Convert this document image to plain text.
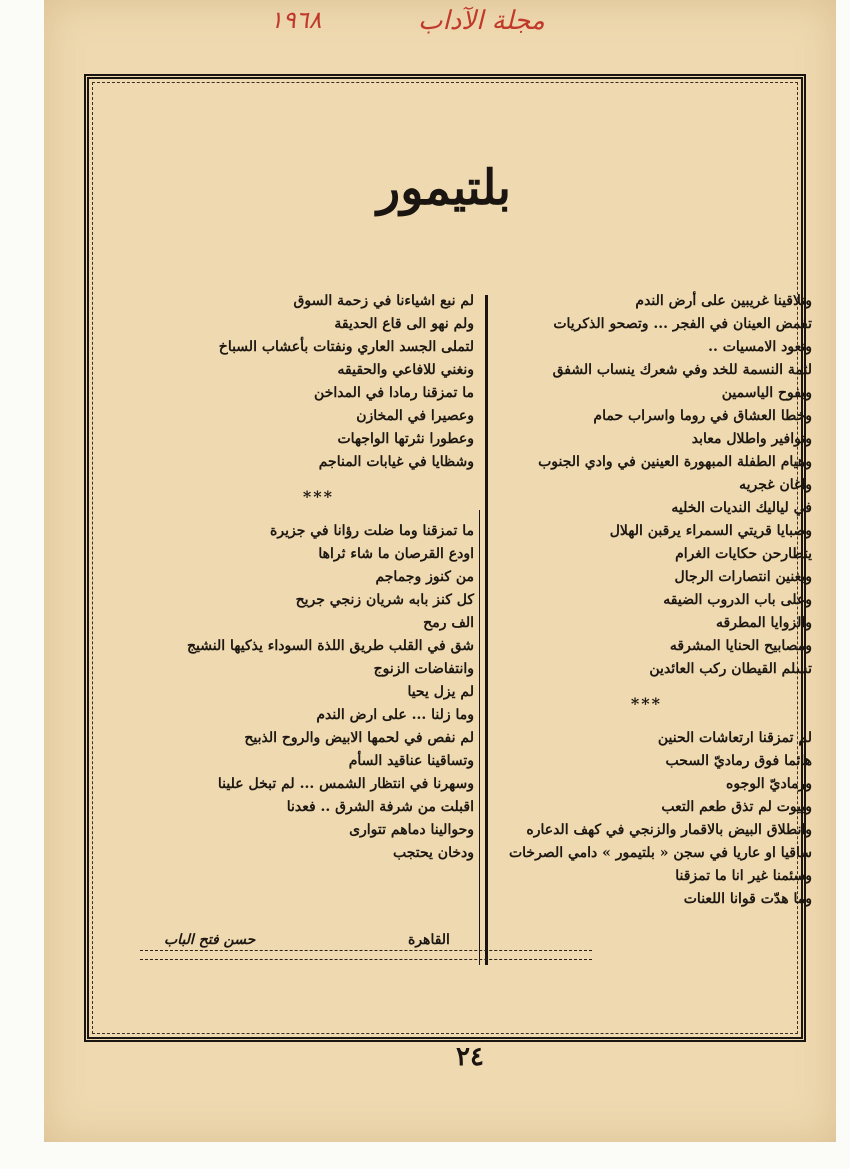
١٩٦٨	مجلة الآداب
بلتيمور
وتلاقينا غريبين على أرض الندم
تفمض العينان في الفجر ... وتصحو الذكريات
وتعود الامسيات ..
لثمة النسمة للخد وفي شعرك ينساب الشفق
ويفوح الياسمين
وخطا العشاق في روما واسراب حمام
ونوافير واطلال معابد
وهيام الطفلة المبهورة العينين في وادي الجنوب
واغان غجريه
في لياليك النديات الخليه
وصبايا قريتي السمراء يرقبن الهلال
يتطارحن حكايات الغرام
ويغنين انتصارات الرجال
وعلى باب الدروب الضيقه
والزوايا المطرقه
ومصابيح الحنايا المشرقه
تسلم القيطان ركب العائدين
***
لم تمزقنا ارتعاشات الحنين
هائما فوق رماديّ السحب
ورماديّ الوجوه
وبيوت لم تذق طعم التعب
وانطلاق البيض بالاقمار والزنجي في كهف الدعاره
ساقيا او عاريا في سجن « بلتيمور » دامي الصرخات
وسئمنا غير انا ما تمزقنا
وما هدّت قوانا اللعنات
لم نبع اشياءنا في زحمة السوق
ولم نهو الى قاع الحديقة
لتملى الجسد العاري ونفتات بأعشاب السباخ
ونغني للافاعي والحقيقه
ما تمزقنا رمادا في المداخن
وعصيرا في المخازن
وعطورا نثرتها الواجهات
وشظايا في غيابات المناجم
***
ما تمزقنا وما ضلت رؤانا في جزيرة
اودع القرصان ما شاء ثراها
من كنوز وجماجم
كل كنز بابه شريان زنجي جريح
الف رمح
شق في القلب طريق اللذة السوداء يذكيها النشيج
وانتفاضات الزنوج
لم يزل يحيا
وما زلنا ... على ارض الندم
لم نفص في لحمها الابيض والروح الذبيح
وتساقينا عناقيد السأم
وسهرنا في انتظار الشمس ... لم تبخل علينا
اقبلت من شرفة الشرق .. فعدنا
وحوالينا دماهم تتوارى
ودخان يحتجب
القاهرة
حسن فتح الباب
٢٤
